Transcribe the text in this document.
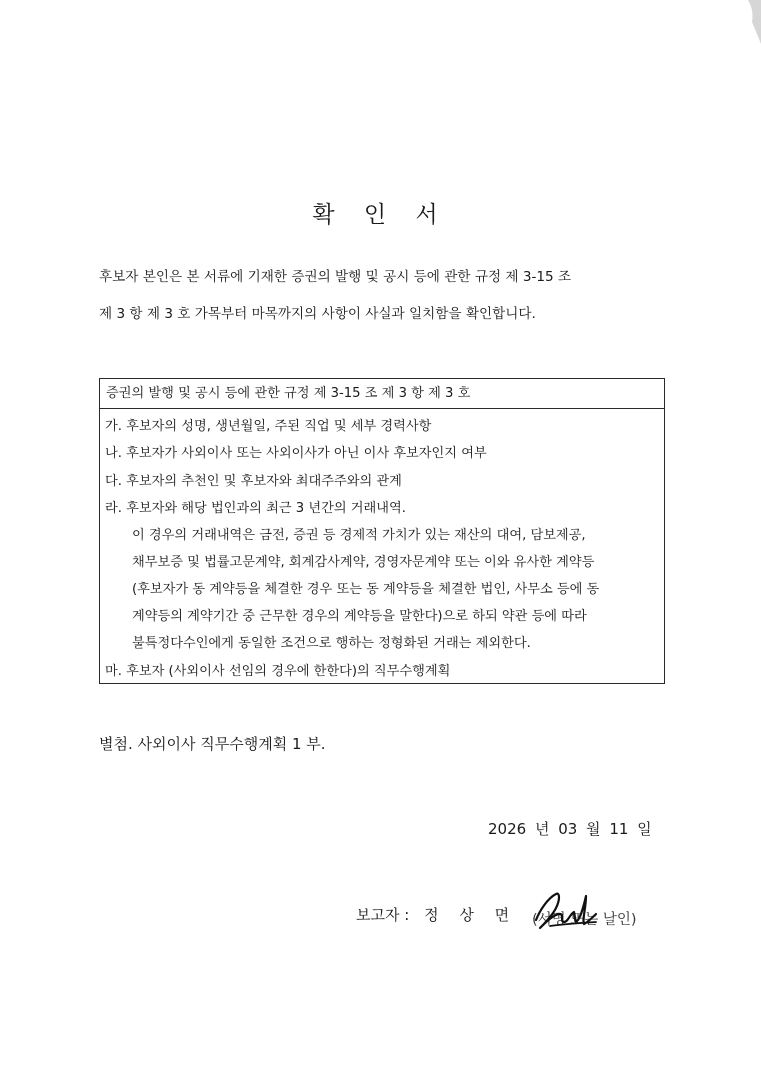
확 인 서
후보자 본인은 본 서류에 기재한 증권의 발행 및 공시 등에 관한 규정 제 3-15 조
제 3 항 제 3 호 가목부터 마목까지의 사항이 사실과 일치함을 확인합니다.
증권의 발행 및 공시 등에 관한 규정 제 3-15 조 제 3 항 제 3 호
가. 후보자의 성명, 생년월일, 주된 직업 및 세부 경력사항
나. 후보자가 사외이사 또는 사외이사가 아닌 이사 후보자인지 여부
다. 후보자의 추천인 및 후보자와 최대주주와의 관계
라. 후보자와 해당 법인과의 최근 3 년간의 거래내역.
이 경우의 거래내역은 금전, 증권 등 경제적 가치가 있는 재산의 대여, 담보제공,
채무보증 및 법률고문계약, 회계감사계약, 경영자문계약 또는 이와 유사한 계약등
(후보자가 동 계약등을 체결한 경우 또는 동 계약등을 체결한 법인, 사무소 등에 동
계약등의 계약기간 중 근무한 경우의 계약등을 말한다)으로 하되 약관 등에 따라
불특정다수인에게 동일한 조건으로 행하는 정형화된 거래는 제외한다.
마. 후보자 (사외이사 선임의 경우에 한한다)의 직무수행계획
별첨. 사외이사 직무수행계획 1 부.
2026 년 03 월 11 일
보고자 : 정 상 면 (서명 또는 날인)
